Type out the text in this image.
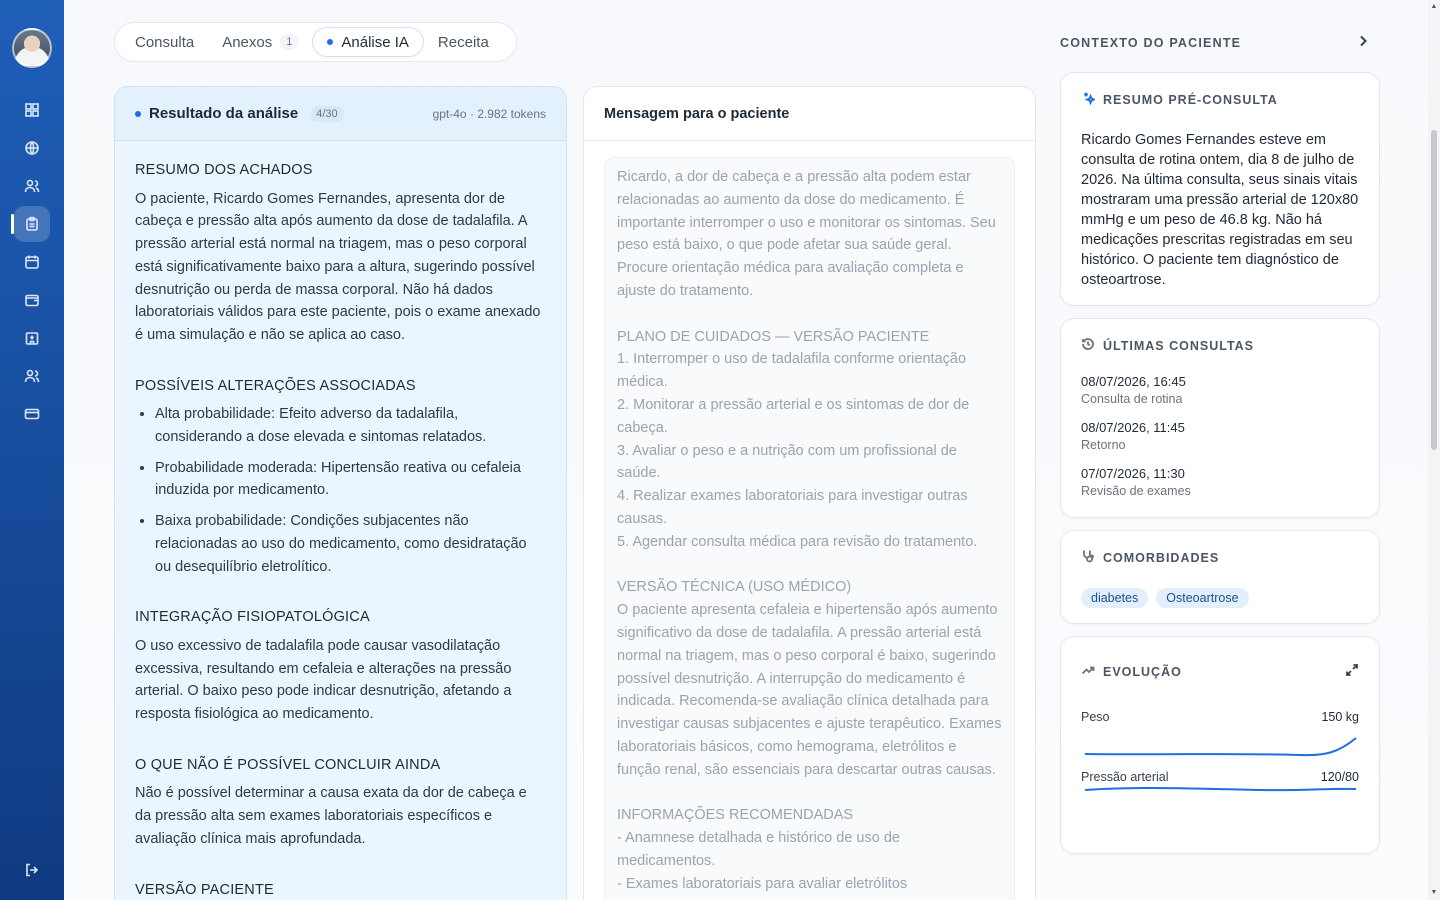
Consulta Anexos	1	Análise IA Receita
Resultado da análise	4/30	gpt-4o · 2.982 tokens
RESUMO DOS ACHADOS
O paciente, Ricardo Gomes Fernandes, apresenta dor de cabeça e pressão alta após aumento da dose de tadalafila. A pressão arterial está normal na triagem, mas o peso corporal está significativamente baixo para a altura, sugerindo possível desnutrição ou perda de massa corporal. Não há dados laboratoriais válidos para este paciente, pois o exame anexado é uma simulação e não se aplica ao caso.
POSSÍVEIS ALTERAÇÕES ASSOCIADAS
• Alta probabilidade: Efeito adverso da tadalafila, considerando a dose elevada e sintomas relatados.
• Probabilidade moderada: Hipertensão reativa ou cefaleia induzida por medicamento.
• Baixa probabilidade: Condições subjacentes não relacionadas ao uso do medicamento, como desidratação ou desequilíbrio eletrolítico.
INTEGRAÇÃO FISIOPATOLÓGICA
O uso excessivo de tadalafila pode causar vasodilatação excessiva, resultando em cefaleia e alterações na pressão arterial. O baixo peso pode indicar desnutrição, afetando a resposta fisiológica ao medicamento.
O QUE NÃO É POSSÍVEL CONCLUIR AINDA
Não é possível determinar a causa exata da dor de cabeça e da pressão alta sem exames laboratoriais específicos e avaliação clínica mais aprofundada.
VERSÃO PACIENTE
Mensagem para o paciente
Ricardo, a dor de cabeça e a pressão alta podem estar relacionadas ao aumento da dose do medicamento. É importante interromper o uso e monitorar os sintomas. Seu peso está baixo, o que pode afetar sua saúde geral. Procure orientação médica para avaliação completa e ajuste do tratamento.

PLANO DE CUIDADOS — VERSÃO PACIENTE
1. Interromper o uso de tadalafila conforme orientação médica.
2. Monitorar a pressão arterial e os sintomas de dor de cabeça.
3. Avaliar o peso e a nutrição com um profissional de saúde.
4. Realizar exames laboratoriais para investigar outras causas.
5. Agendar consulta médica para revisão do tratamento.

VERSÃO TÉCNICA (USO MÉDICO)
O paciente apresenta cefaleia e hipertensão após aumento significativo da dose de tadalafila. A pressão arterial está normal na triagem, mas o peso corporal é baixo, sugerindo possível desnutrição. A interrupção do medicamento é indicada. Recomenda-se avaliação clínica detalhada para investigar causas subjacentes e ajuste terapêutico. Exames laboratoriais básicos, como hemograma, eletrólitos e função renal, são essenciais para descartar outras causas.

INFORMAÇÕES RECOMENDADAS
- Anamnese detalhada e histórico de uso de medicamentos.
- Exames laboratoriais para avaliar eletrólitos
CONTEXTO DO PACIENTE
RESUMO PRÉ-CONSULTA
Ricardo Gomes Fernandes esteve em consulta de rotina ontem, dia 8 de julho de 2026. Na última consulta, seus sinais vitais mostraram uma pressão arterial de 120x80 mmHg e um peso de 46.8 kg. Não há medicações prescritas registradas em seu histórico. O paciente tem diagnóstico de osteoartrose.
ÚLTIMAS CONSULTAS
08/07/2026, 16:45
Consulta de rotina
08/07/2026, 11:45
Retorno
07/07/2026, 11:30
Revisão de exames
COMORBIDADES
diabetes	Osteoartrose
EVOLUÇÃO
Peso	150 kg
Pressão arterial	120/80
▲
▼
